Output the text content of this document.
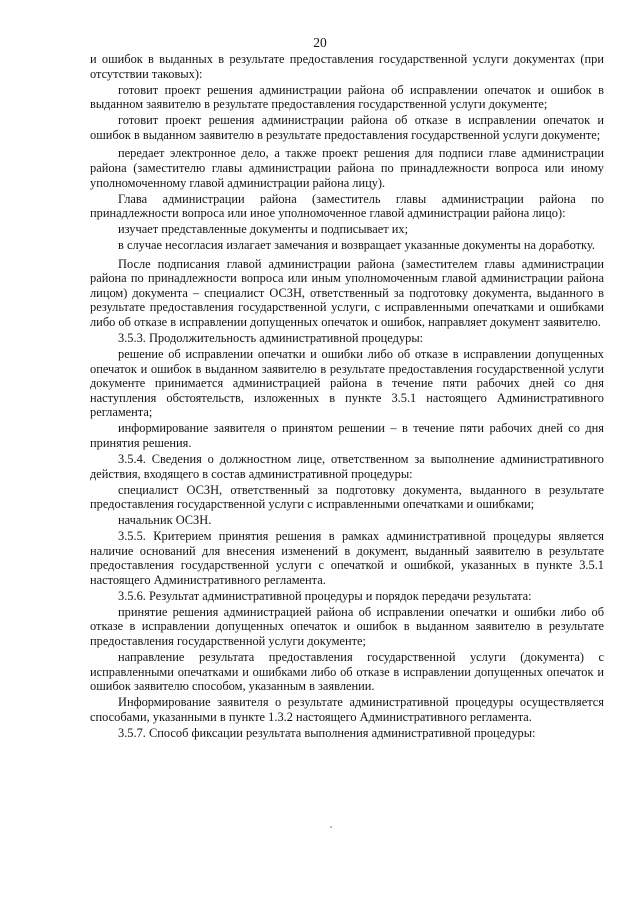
20

и ошибок в выданных в результате предоставления государственной услуги документах (при отсутствии таковых):

готовит проект решения администрации района об исправлении опечаток и ошибок в выданном заявителю в результате предоставления государственной услуги документе;

готовит проект решения администрации района об отказе в исправлении опечаток и ошибок в выданном заявителю в результате предоставления государственной услуги документе;

передает электронное дело, а также проект решения для подписи главе администрации района (заместителю главы администрации района по принадлежности вопроса или иному уполномоченному главой администрации района лицу).

Глава администрации района (заместитель главы администрации района по принадлежности вопроса или иное уполномоченное главой администрации района лицо):

изучает представленные документы и подписывает их;

в случае несогласия излагает замечания и возвращает указанные документы на доработку.

После подписания главой администрации района (заместителем главы администрации района по принадлежности вопроса или иным уполномоченным главой администрации района лицом) документа – специалист ОСЗН, ответственный за подготовку документа, выданного в результате предоставления государственной услуги, с исправленными опечатками и ошибками либо об отказе в исправлении допущенных опечаток и ошибок, направляет документ заявителю.

3.5.3. Продолжительность административной процедуры:

решение об исправлении опечатки и ошибки либо об отказе в исправлении допущенных опечаток и ошибок в выданном заявителю в результате предоставления государственной услуги документе принимается администрацией района в течение пяти рабочих дней со дня наступления обстоятельств, изложенных в пункте 3.5.1 настоящего Административного регламента;

информирование заявителя о принятом решении – в течение пяти рабочих дней со дня принятия решения.

3.5.4. Сведения о должностном лице, ответственном за выполнение административного действия, входящего в состав административной процедуры:

специалист ОСЗН, ответственный за подготовку документа, выданного в результате предоставления государственной услуги с исправленными опечатками и ошибками;

начальник ОСЗН.

3.5.5. Критерием принятия решения в рамках административной процедуры является наличие оснований для внесения изменений в документ, выданный заявителю в результате предоставления государственной услуги с опечаткой и ошибкой, указанных в пункте 3.5.1 настоящего Административного регламента.

3.5.6. Результат административной процедуры и порядок передачи результата:

принятие решения администрацией района об исправлении опечатки и ошибки либо об отказе в исправлении допущенных опечаток и ошибок в выданном заявителю в результате предоставления государственной услуги документе;

направление результата предоставления государственной услуги (документа) с исправленными опечатками и ошибками либо об отказе в исправлении допущенных опечаток и ошибок заявителю способом, указанным в заявлении.

Информирование заявителя о результате административной процедуры осуществляется способами, указанными в пункте 1.3.2 настоящего Административного регламента.

3.5.7. Способ фиксации результата выполнения административной процедуры:
